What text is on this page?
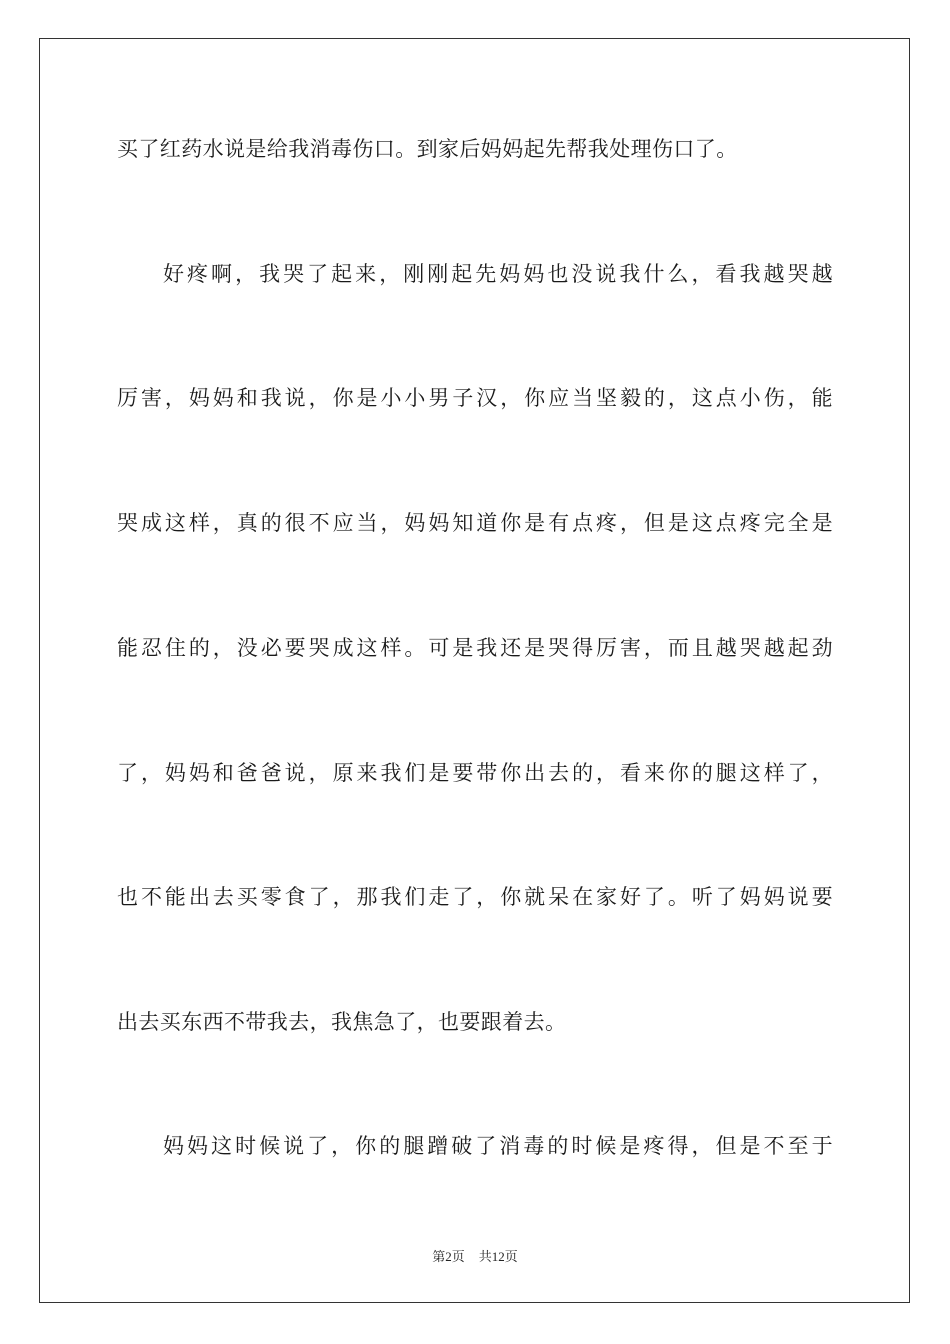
买了红药水说是给我消毒伤口。到家后妈妈起先帮我处理伤口了。
好疼啊，我哭了起来，刚刚起先妈妈也没说我什么，看我越哭越
厉害，妈妈和我说，你是小小男子汉，你应当坚毅的，这点小伤，能
哭成这样，真的很不应当，妈妈知道你是有点疼，但是这点疼完全是
能忍住的，没必要哭成这样。可是我还是哭得厉害，而且越哭越起劲
了，妈妈和爸爸说，原来我们是要带你出去的，看来你的腿这样了，
也不能出去买零食了，那我们走了，你就呆在家好了。听了妈妈说要
出去买东西不带我去，我焦急了，也要跟着去。
妈妈这时候说了，你的腿蹭破了消毒的时候是疼得，但是不至于
第2页 共12页
